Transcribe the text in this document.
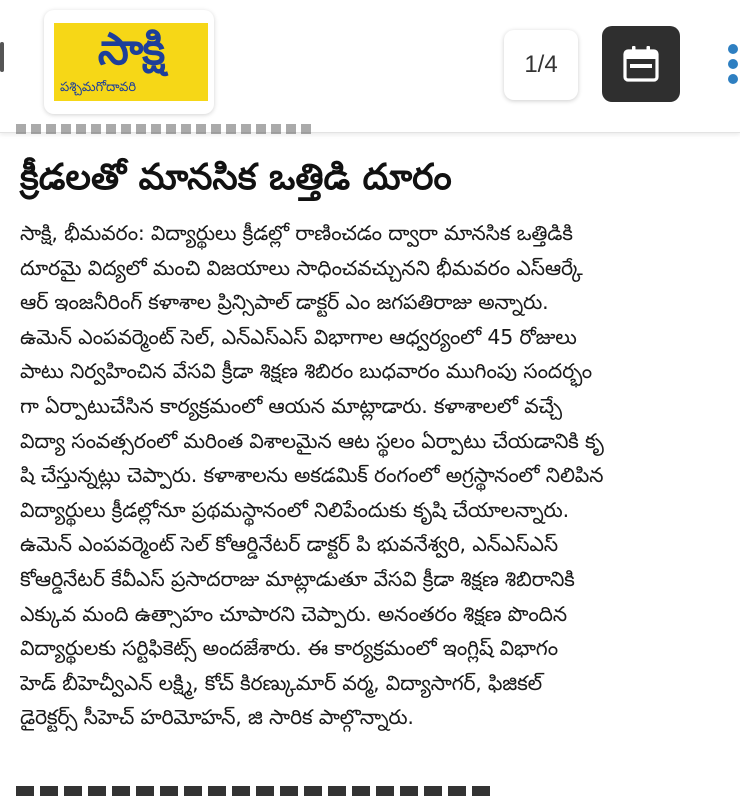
సాక్షి
పశ్చిమగోదావరి
1/4
క్రీడలతో మానసిక ఒత్తిడి దూరం
సాక్షి, భీమవరం: విద్యార్థులు క్రీడల్లో రాణించడం ద్వారా మానసిక ఒత్తిడికి
దూరమై విద్యలో మంచి విజయాలు సాధించవచ్చునని భీమవరం ఎస్ఆర్కే
ఆర్ ఇంజనీరింగ్ కళాశాల ప్రిన్సిపాల్ డాక్టర్ ఎం జగపతిరాజు అన్నారు.
ఉమెన్ ఎంపవర్మెంట్ సెల్, ఎన్ఎస్ఎస్ విభాగాల ఆధ్వర్యంలో 45 రోజులు
పాటు నిర్వహించిన వేసవి క్రీడా శిక్షణ శిబిరం బుధవారం ముగింపు సందర్భం
గా ఏర్పాటుచేసిన కార్యక్రమంలో ఆయన మాట్లాడారు. కళాశాలలో వచ్చే
విద్యా సంవత్సరంలో మరింత విశాలమైన ఆట స్థలం ఏర్పాటు చేయడానికి కృ
షి చేస్తున్నట్లు చెప్పారు. కళాశాలను అకడమిక్ రంగంలో అగ్రస్థానంలో నిలిపిన
విద్యార్థులు క్రీడల్లోనూ ప్రథమస్థానంలో నిలిపేందుకు కృషి చేయాలన్నారు.
ఉమెన్ ఎంపవర్మెంట్ సెల్ కోఆర్డినేటర్ డాక్టర్ పి భువనేశ్వరి, ఎన్ఎస్ఎస్
కోఆర్డినేటర్ కేవీఎస్ ప్రసాదరాజు మాట్లాడుతూ వేసవి క్రీడా శిక్షణ శిబిరానికి
ఎక్కువ మంది ఉత్సాహం చూపారని చెప్పారు. అనంతరం శిక్షణ పొందిన
విద్యార్థులకు సర్టిఫికెట్స్ అందజేశారు. ఈ కార్యక్రమంలో ఇంగ్లిష్ విభాగం
హెడ్ బీహెచ్వీఎన్ లక్ష్మి, కోచ్ కిరణ్కుమార్ వర్మ, విద్యాసాగర్, ఫిజికల్
డైరెక్టర్స్ సీహెచ్ హరిమోహన్, జి సారిక పాల్గొన్నారు.
